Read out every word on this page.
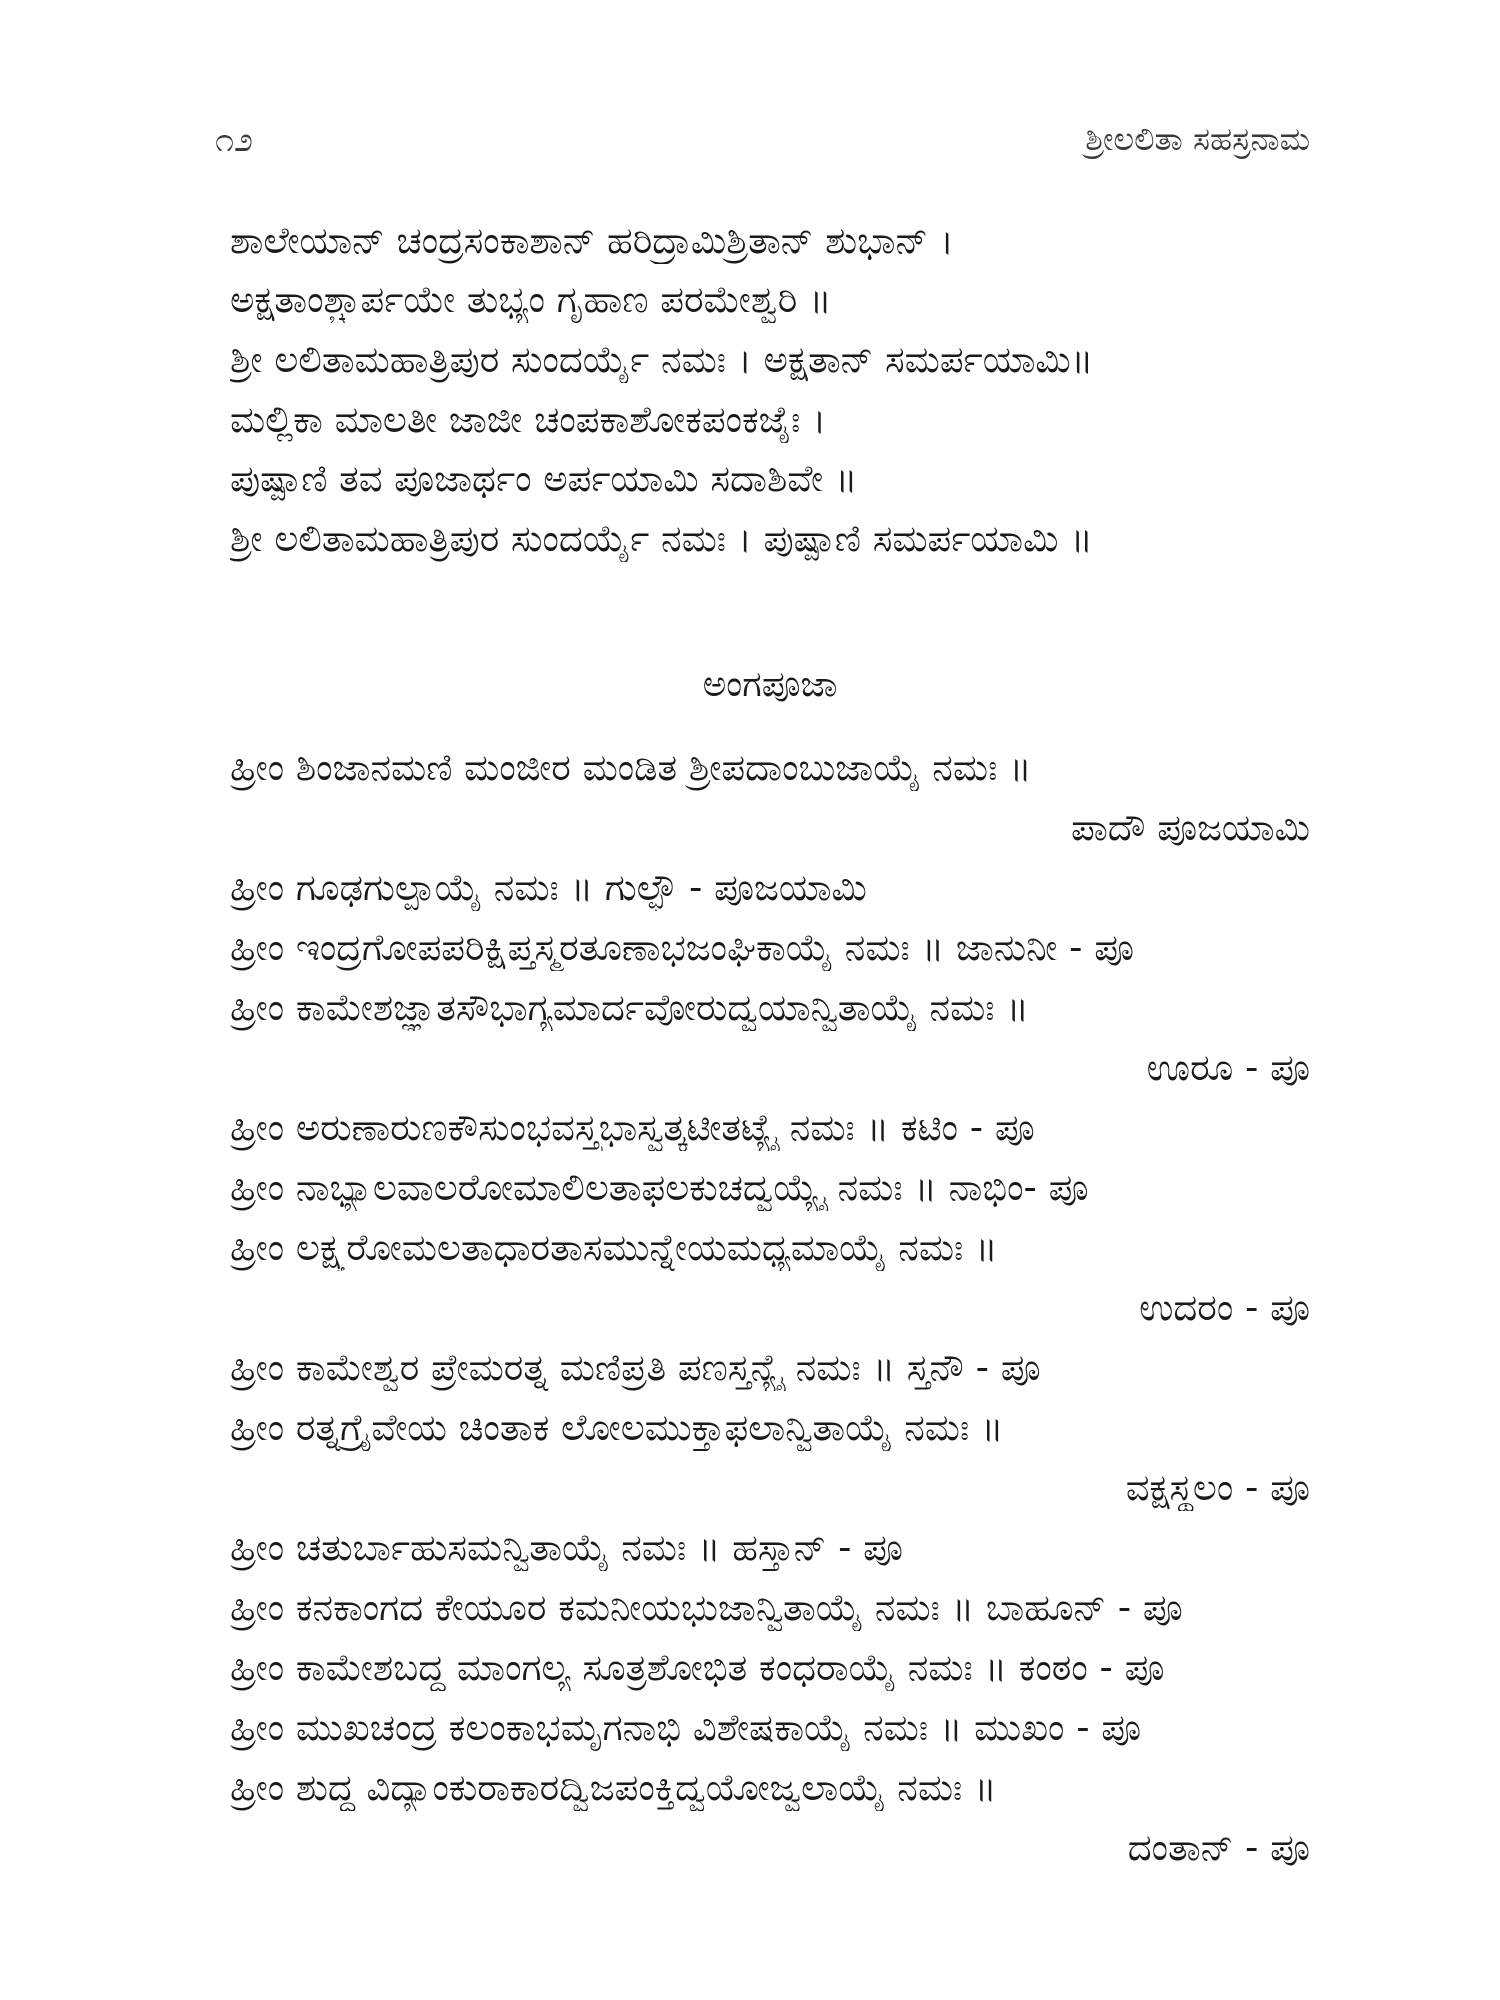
೧೨	ಶ್ರೀಲಲಿತಾ ಸಹಸ್ರನಾಮ
ಶಾಲೇಯಾನ್ ಚಂದ್ರಸಂಕಾಶಾನ್ ಹರಿದ್ರಾಮಿಶ್ರಿತಾನ್ ಶುಭಾನ್ ।
ಅಕ್ಷತಾಂಶ್ಚಾರ್ಪಯೇ ತುಭ್ಯಂ ಗೃಹಾಣ ಪರಮೇಶ್ವರಿ ॥
ಶ್ರೀ ಲಲಿತಾಮಹಾತ್ರಿಪುರ ಸುಂದರ್ಯೈ ನಮಃ । ಅಕ್ಷತಾನ್ ಸಮರ್ಪಯಾಮಿ॥
ಮಲ್ಲಿಕಾ ಮಾಲತೀ ಜಾಜೀ ಚಂಪಕಾಶೋಕಪಂಕಜೈಃ ।
ಪುಷ್ಪಾಣಿ ತವ ಪೂಜಾರ್ಥಂ ಅರ್ಪಯಾಮಿ ಸದಾಶಿವೇ ॥
ಶ್ರೀ ಲಲಿತಾಮಹಾತ್ರಿಪುರ ಸುಂದರ್ಯೈ ನಮಃ । ಪುಷ್ಪಾಣಿ ಸಮರ್ಪಯಾಮಿ ॥
ಅಂಗಪೂಜಾ
ಹ್ರೀಂ ಶಿಂಜಾನಮಣಿ ಮಂಜೀರ ಮಂಡಿತ ಶ್ರೀಪದಾಂಬುಜಾಯೈ ನಮಃ ॥
ಪಾದೌ ಪೂಜಯಾಮಿ
ಹ್ರೀಂ ಗೂಢಗುಲ್ಫಾಯೈ ನಮಃ ॥ ಗುಲ್ಫೌ - ಪೂಜಯಾಮಿ
ಹ್ರೀಂ ಇಂದ್ರಗೋಪಪರಿಕ್ಷಿಪ್ತಸ್ಮರತೂಣಾಭಜಂಘಿಕಾಯೈ ನಮಃ ॥ ಜಾನುನೀ - ಪೂ
ಹ್ರೀಂ ಕಾಮೇಶಜ್ಞಾತಸೌಭಾಗ್ಯಮಾರ್ದವೋರುದ್ವಯಾನ್ವಿತಾಯೈ ನಮಃ ॥
ಊರೂ - ಪೂ
ಹ್ರೀಂ ಅರುಣಾರುಣಕೌಸುಂಭವಸ್ತ್ರಭಾಸ್ವತ್ಕಟೀತಟ್ಯೈ ನಮಃ ॥ ಕಟಿಂ - ಪೂ
ಹ್ರೀಂ ನಾಭ್ಯಾಲವಾಲರೋಮಾಲಿಲತಾಫಲಕುಚದ್ವಯ್ಯೈ ನಮಃ ॥ ನಾಭಿಂ- ಪೂ
ಹ್ರೀಂ ಲಕ್ಷ್ಯರೋಮಲತಾಧಾರತಾಸಮುನ್ನೇಯಮಧ್ಯಮಾಯೈ ನಮಃ ॥
ಉದರಂ - ಪೂ
ಹ್ರೀಂ ಕಾಮೇಶ್ವರ ಪ್ರೇಮರತ್ನ ಮಣಿಪ್ರತಿ ಪಣಸ್ತನ್ಯೈ ನಮಃ ॥ ಸ್ತನೌ - ಪೂ
ಹ್ರೀಂ ರತ್ನಗ್ರೈವೇಯ ಚಿಂತಾಕ ಲೋಲಮುಕ್ತಾಫಲಾನ್ವಿತಾಯೈ ನಮಃ ॥
ವಕ್ಷಸ್ಥಲಂ - ಪೂ
ಹ್ರೀಂ ಚತುರ್ಬಾಹುಸಮನ್ವಿತಾಯೈ ನಮಃ ॥ ಹಸ್ತಾನ್ - ಪೂ
ಹ್ರೀಂ ಕನಕಾಂಗದ ಕೇಯೂರ ಕಮನೀಯಭುಜಾನ್ವಿತಾಯೈ ನಮಃ ॥ ಬಾಹೂನ್ - ಪೂ
ಹ್ರೀಂ ಕಾಮೇಶಬದ್ಧ ಮಾಂಗಲ್ಯ ಸೂತ್ರಶೋಭಿತ ಕಂಧರಾಯೈ ನಮಃ ॥ ಕಂಠಂ - ಪೂ
ಹ್ರೀಂ ಮುಖಚಂದ್ರ ಕಲಂಕಾಭಮೃಗನಾಭಿ ವಿಶೇಷಕಾಯೈ ನಮಃ ॥ ಮುಖಂ - ಪೂ
ಹ್ರೀಂ ಶುದ್ಧ ವಿದ್ಯಾಂಕುರಾಕಾರದ್ವಿಜಪಂಕ್ತಿದ್ವಯೋಜ್ವಲಾಯೈ ನಮಃ ॥
ದಂತಾನ್ - ಪೂ
